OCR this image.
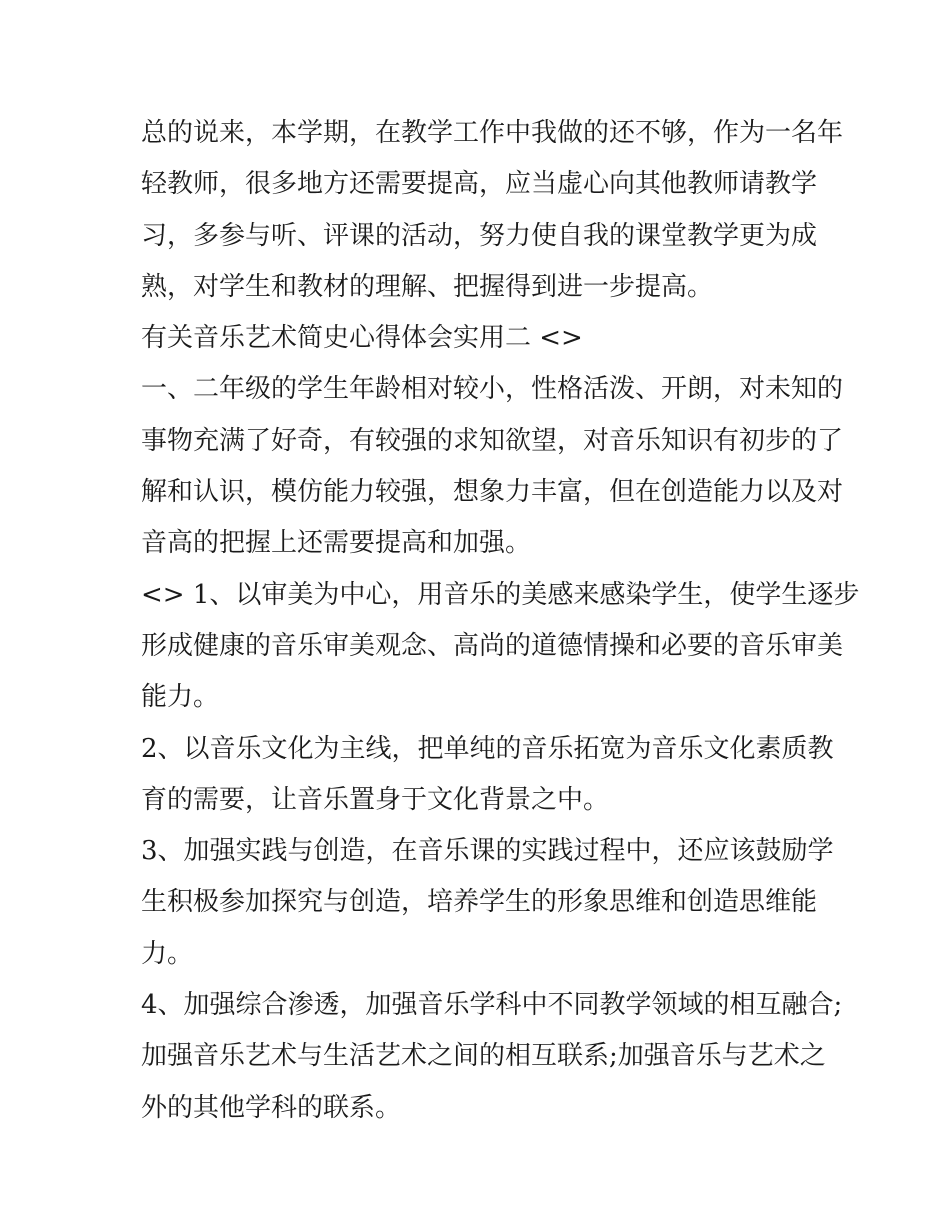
总的说来，本学期，在教学工作中我做的还不够，作为一名年
轻教师，很多地方还需要提高，应当虚心向其他教师请教学
习，多参与听、评课的活动，努力使自我的课堂教学更为成
熟，对学生和教材的理解、把握得到进一步提高。
有关音乐艺术简史心得体会实用二 <>
一、二年级的学生年龄相对较小，性格活泼、开朗，对未知的
事物充满了好奇，有较强的求知欲望，对音乐知识有初步的了
解和认识，模仿能力较强，想象力丰富，但在创造能力以及对
音高的把握上还需要提高和加强。
<> 1、以审美为中心，用音乐的美感来感染学生，使学生逐步
形成健康的音乐审美观念、高尚的道德情操和必要的音乐审美
能力。
2、以音乐文化为主线，把单纯的音乐拓宽为音乐文化素质教
育的需要，让音乐置身于文化背景之中。
3、加强实践与创造，在音乐课的实践过程中，还应该鼓励学
生积极参加探究与创造，培养学生的形象思维和创造思维能
力。
4、加强综合渗透，加强音乐学科中不同教学领域的相互融合;
加强音乐艺术与生活艺术之间的相互联系;加强音乐与艺术之
外的其他学科的联系。
